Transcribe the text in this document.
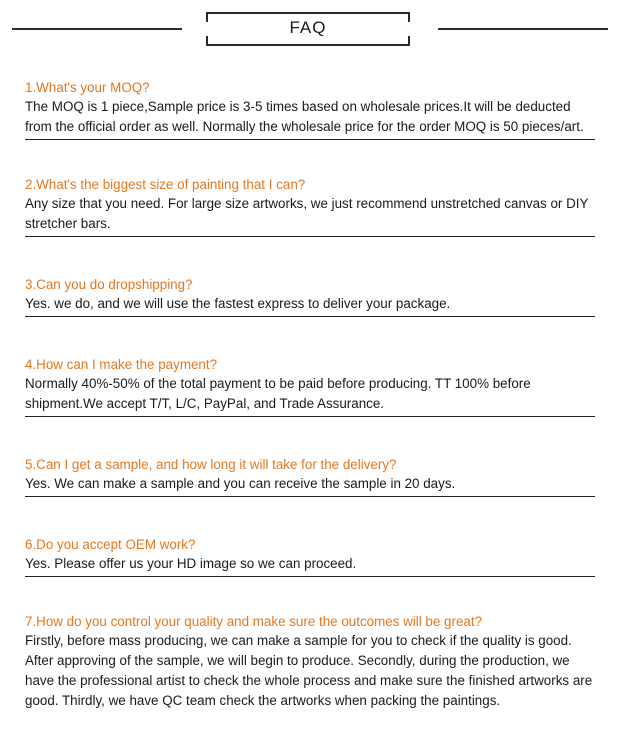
FAQ

1.What's your MOQ?

The MOQ is 1 piece,Sample price is 3-5 times based on wholesale prices.It will be deducted from the official order as well. Normally the wholesale price for the order MOQ is 50 pieces/art.

2.What's the biggest size of painting that I can?

Any size that you need. For large size artworks, we just recommend unstretched canvas or DIY stretcher bars.

3.Can you do dropshipping?

Yes. we do, and we will use the fastest express to deliver your package.

4.How can I make the payment?

Normally 40%-50% of the total payment to be paid before producing. TT 100% before shipment.We accept T/T, L/C, PayPal, and Trade Assurance.

5.Can I get a sample, and how long it will take for the delivery?

Yes. We can make a sample and you can receive the sample in 20 days.

6.Do you accept OEM work?

Yes. Please offer us your HD image so we can proceed.

7.How do you control your quality and make sure the outcomes will be great?

Firstly, before mass producing, we can make a sample for you to check if the quality is good. After approving of the sample, we will begin to produce. Secondly, during the production, we have the professional artist to check the whole process and make sure the finished artworks are good. Thirdly, we have QC team check the artworks when packing the paintings.
